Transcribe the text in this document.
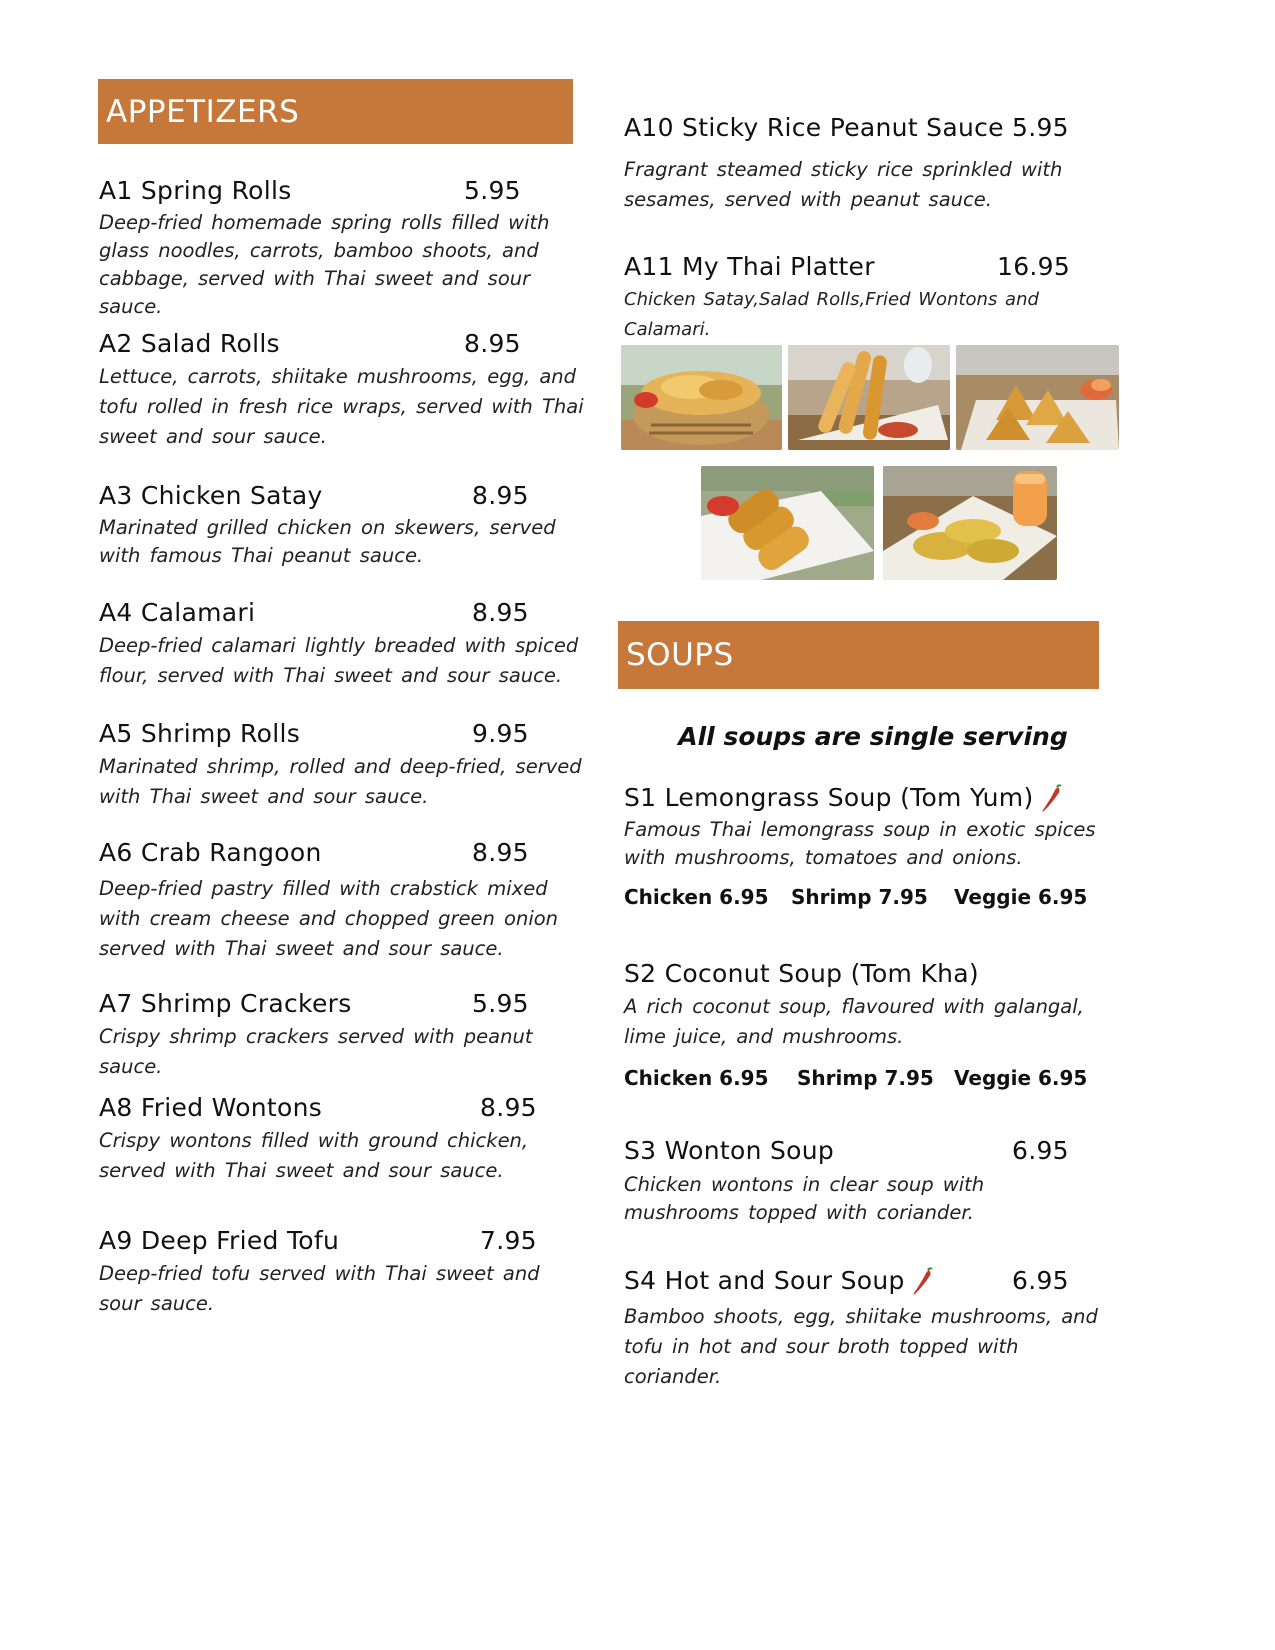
APPETIZERS
A1 Spring Rolls	5.95
Deep-fried homemade spring rolls filled with glass noodles, carrots, bamboo shoots, and cabbage, served with Thai sweet and sour sauce.
A2 Salad Rolls	8.95
Lettuce, carrots, shiitake mushrooms, egg, and tofu rolled in fresh rice wraps, served with Thai sweet and sour sauce.
A3 Chicken Satay	8.95
Marinated grilled chicken on skewers, served with famous Thai peanut sauce.
A4 Calamari	8.95
Deep-fried calamari lightly breaded with spiced flour, served with Thai sweet and sour sauce.
A5 Shrimp Rolls	9.95
Marinated shrimp, rolled and deep-fried, served with Thai sweet and sour sauce.
A6 Crab Rangoon	8.95
Deep-fried pastry filled with crabstick mixed with cream cheese and chopped green onion served with Thai sweet and sour sauce.
A7 Shrimp Crackers	5.95
Crispy shrimp crackers served with peanut sauce.
A8 Fried Wontons	8.95
Crispy wontons filled with ground chicken, served with Thai sweet and sour sauce.
A9 Deep Fried Tofu	7.95
Deep-fried tofu served with Thai sweet and sour sauce.
A10 Sticky Rice Peanut Sauce 5.95
Fragrant steamed sticky rice sprinkled with sesames, served with peanut sauce.
A11 My Thai Platter	16.95
Chicken Satay,Salad Rolls,Fried Wontons and Calamari.
SOUPS
All soups are single serving
S1 Lemongrass Soup (Tom Yum)
Famous Thai lemongrass soup in exotic spices with mushrooms, tomatoes and onions.
Chicken 6.95 Shrimp 7.95 Veggie 6.95
S2 Coconut Soup (Tom Kha)
A rich coconut soup, flavoured with galangal, lime juice, and mushrooms.
Chicken 6.95 Shrimp 7.95 Veggie 6.95
S3 Wonton Soup	6.95
Chicken wontons in clear soup with mushrooms topped with coriander.
S4 Hot and Sour Soup	6.95
Bamboo shoots, egg, shiitake mushrooms, and tofu in hot and sour broth topped with coriander.
